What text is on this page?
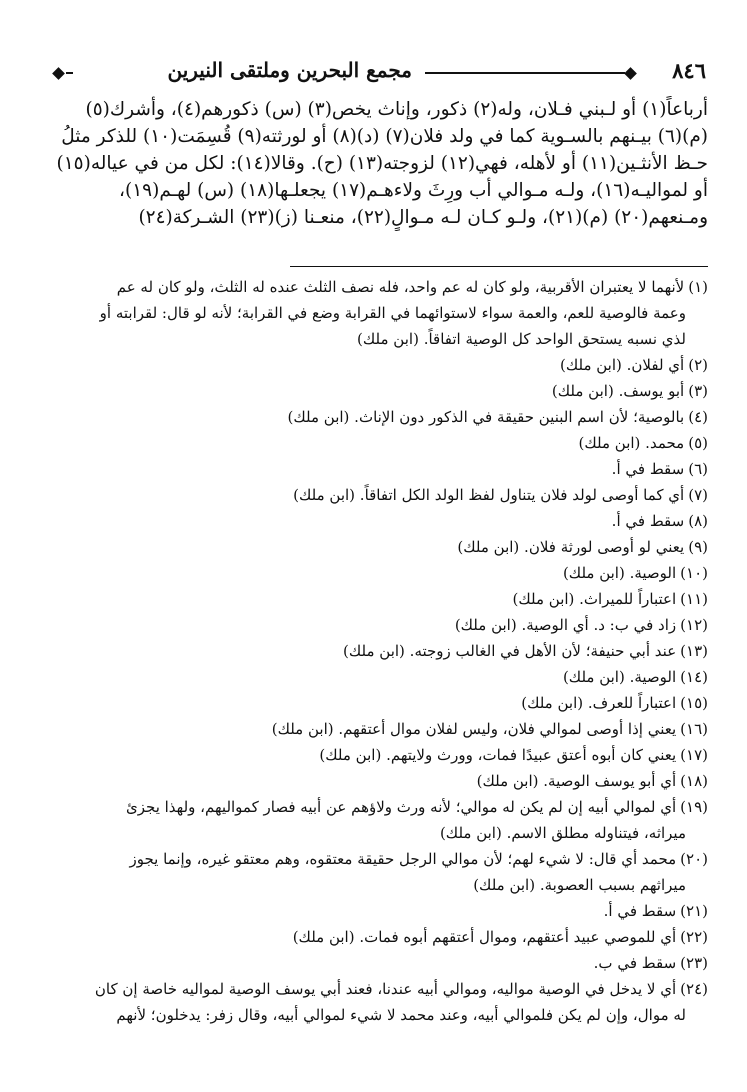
٨٤٦
مجمع البحرين وملتقى النيرين

أرباعاً(١) أو لـبني فـلان، وله(٢) ذكور، وإناث يخص(٣) (س) ذكورهم(٤)، وأشرك(٥)

(م)(٦) بيـنهم بالسـوية كما في ولد فلان(٧) (د)(٨) أو لورثته(٩) قُسِمَت(١٠) للذكر مثلُ

حـظ الأنثـين(١١) أو لأهله، فهي(١٢) لزوجته(١٣) (ح). وقالا(١٤): لكل من في عياله(١٥)

أو لمواليـه(١٦)، ولـه مـوالي أب ورِثَ ولاءهـم(١٧) يجعلـها(١٨) (س) لهـم(١٩)،

ومـنعهم(٢٠) (م)(٢١)، ولـو كـان لـه مـوالٍ(٢٢)، منعـنا (ز)(٢٣) الشـركة(٢٤)

(١)لأنهما لا يعتبران الأقربية، ولو كان له عم واحد، فله نصف الثلث عنده له الثلث، ولو كان له عم

وعمة فالوصية للعم، والعمة سواء لاستوائهما في القرابة وضع في القرابة؛ لأنه لو قال: لقرابته أو

لذي نسبه يستحق الواحد كل الوصية اتفاقاً. (ابن ملك)

(٢)أي لفلان. (ابن ملك)

(٣)أبو يوسف. (ابن ملك)

(٤)بالوصية؛ لأن اسم البنين حقيقة في الذكور دون الإناث. (ابن ملك)

(٥)محمد. (ابن ملك)

(٦)سقط في أ.

(٧)أي كما أوصى لولد فلان يتناول لفظ الولد الكل اتفاقاً. (ابن ملك)

(٨)سقط في أ.

(٩)يعني لو أوصى لورثة فلان. (ابن ملك)

(١٠)الوصية. (ابن ملك)

(١١)اعتباراً للميراث. (ابن ملك)

(١٢)زاد في ب: د. أي الوصية. (ابن ملك)

(١٣)عند أبي حنيفة؛ لأن الأهل في الغالب زوجته. (ابن ملك)

(١٤)الوصية. (ابن ملك)

(١٥)اعتباراً للعرف. (ابن ملك)

(١٦)يعني إذا أوصى لموالي فلان، وليس لفلان موال أعتقهم. (ابن ملك)

(١٧)يعني كان أبوه أعتق عبيدًا فمات، وورث ولايتهم. (ابن ملك)

(١٨)أي أبو يوسف الوصية. (ابن ملك)

(١٩)أي لموالي أبيه إن لم يكن له موالي؛ لأنه ورث ولاؤهم عن أبيه فصار كمواليهم، ولهذا يجزئ

ميراثه، فيتناوله مطلق الاسم. (ابن ملك)

(٢٠)محمد أي قال: لا شيء لهم؛ لأن موالي الرجل حقيقة معتقوه، وهم معتقو غيره، وإنما يجوز

ميراثهم بسبب العصوبة. (ابن ملك)

(٢١)سقط في أ.

(٢٢)أي للموصي عبيد أعتقهم، وموال أعتقهم أبوه فمات. (ابن ملك)

(٢٣)سقط في ب.

(٢٤)أي لا يدخل في الوصية مواليه، وموالي أبيه عندنا، فعند أبي يوسف الوصية لمواليه خاصة إن كان

له موال، وإن لم يكن فلموالي أبيه، وعند محمد لا شيء لموالي أبيه، وقال زفر: يدخلون؛ لأنهم
